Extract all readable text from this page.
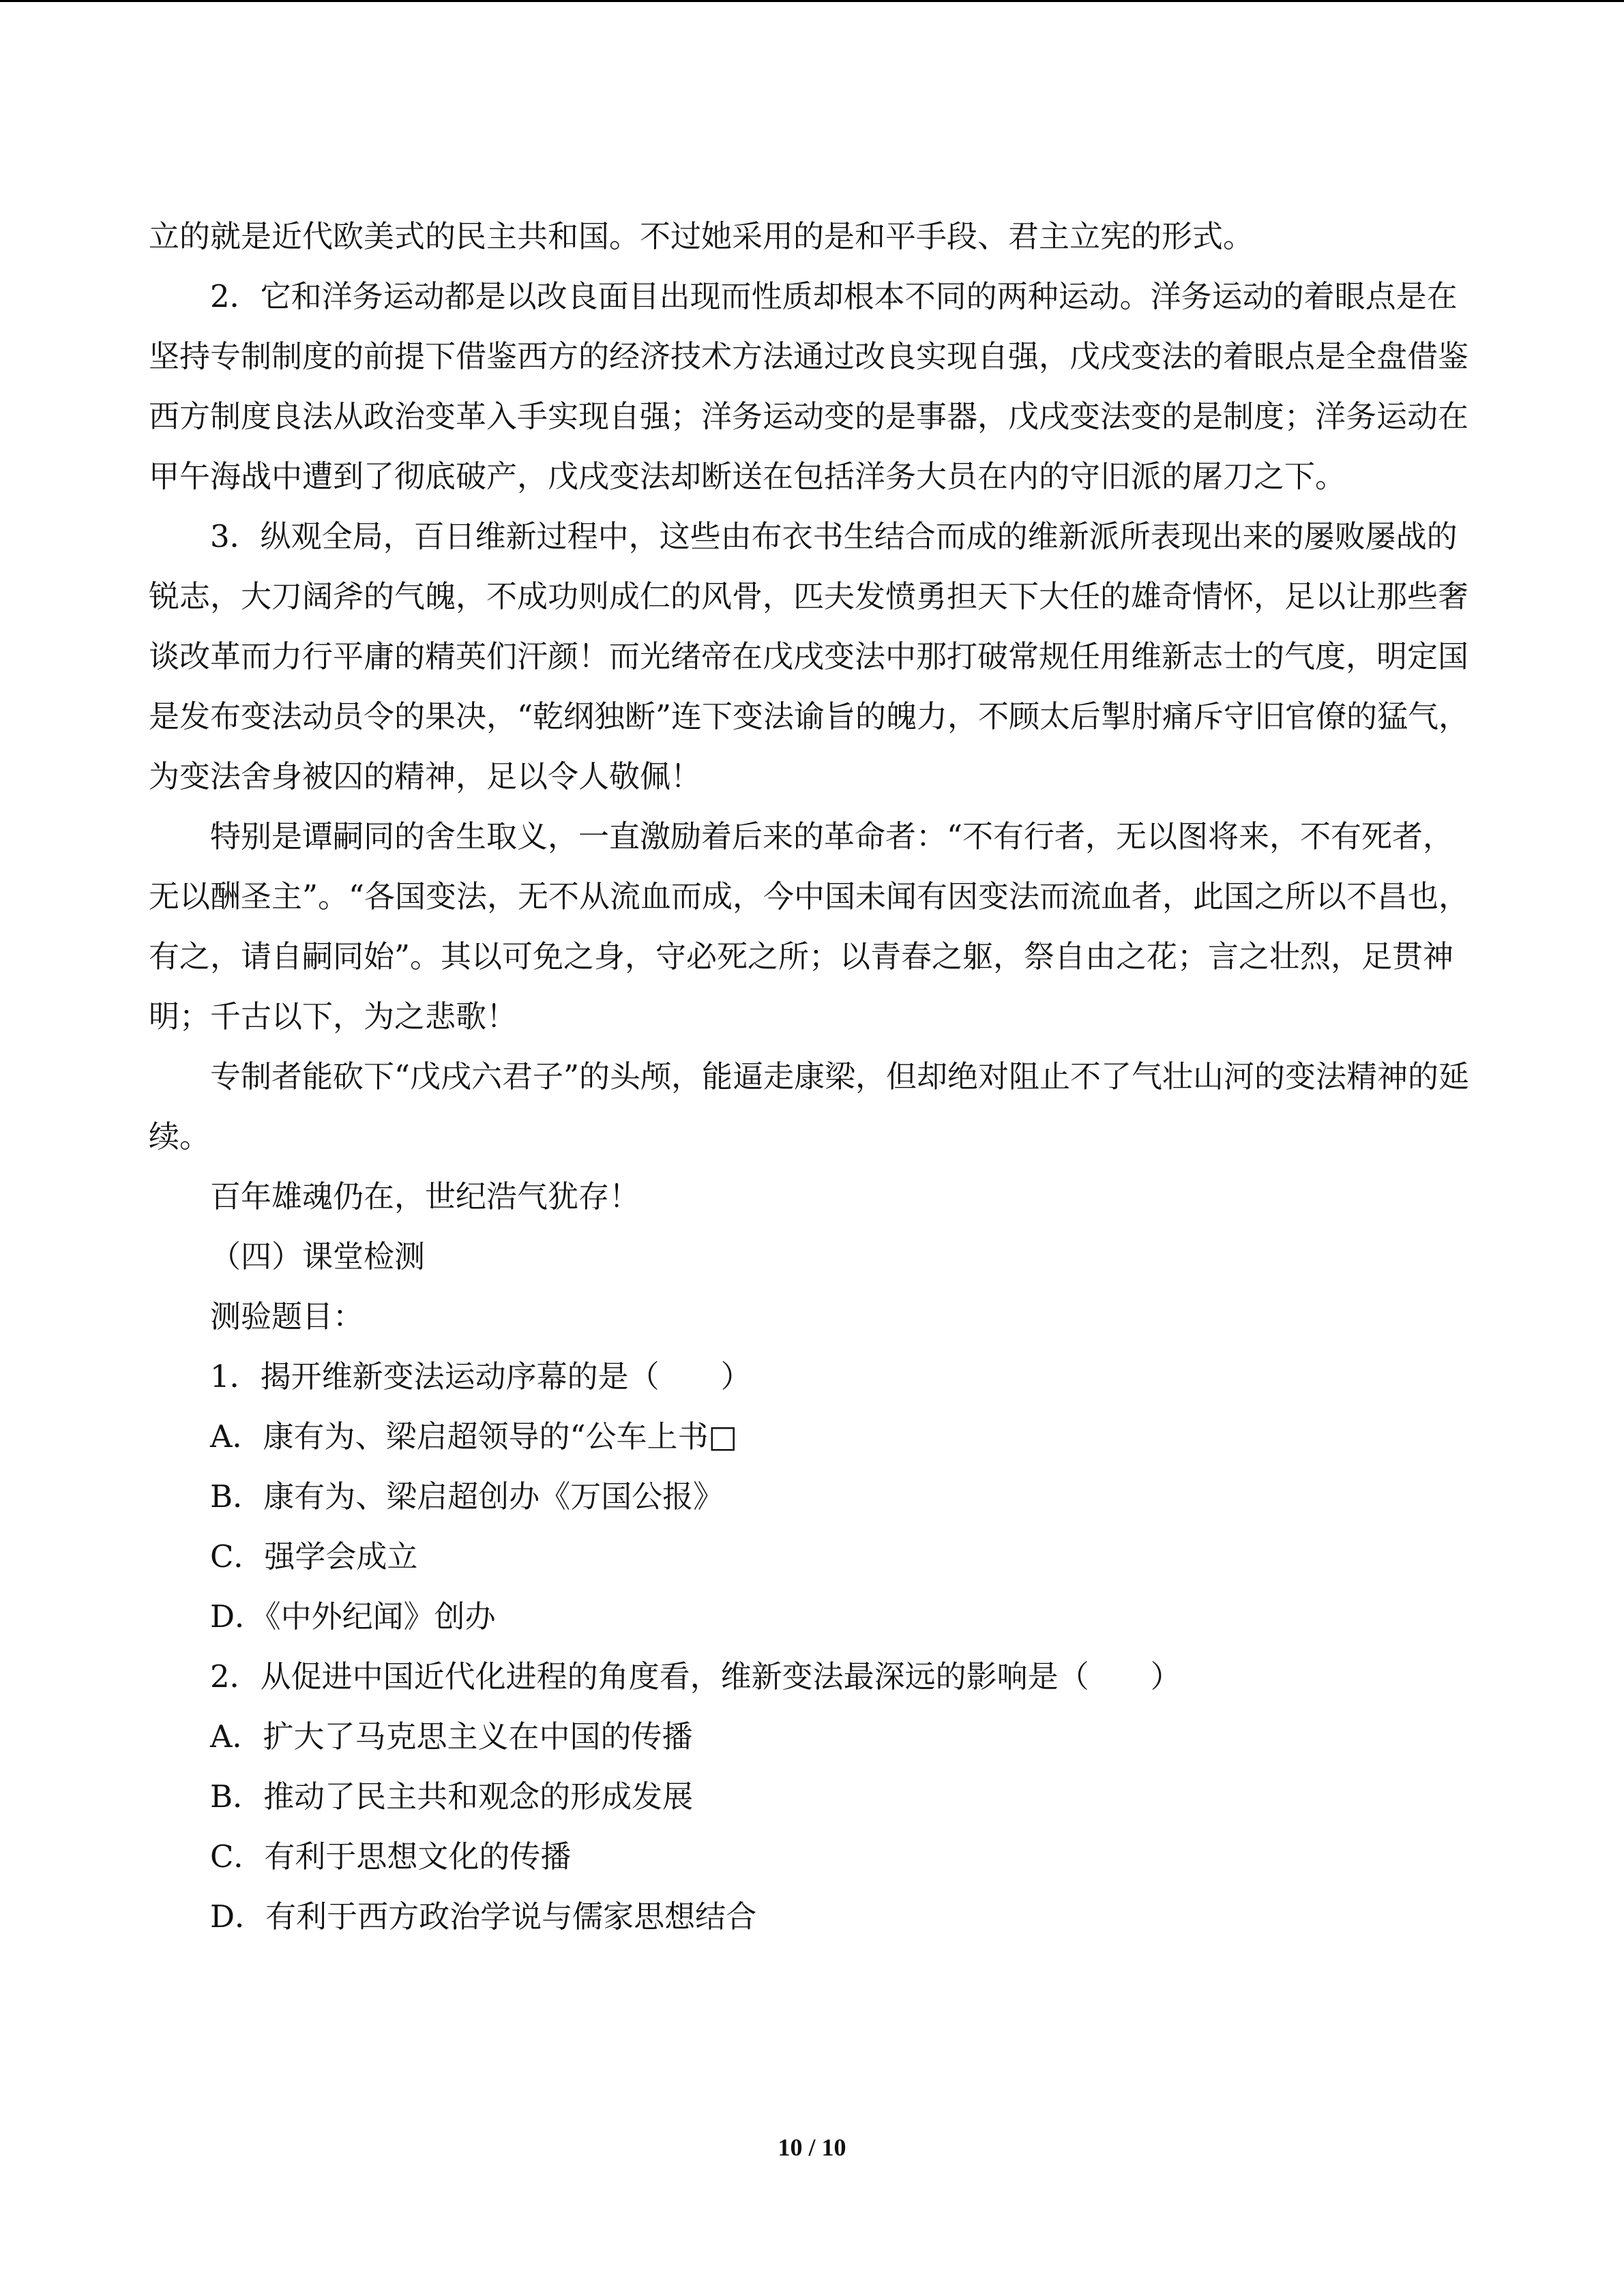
立的就是近代欧美式的民主共和国。不过她采用的是和平手段、君主立宪的形式。

2．它和洋务运动都是以改良面目出现而性质却根本不同的两种运动。洋务运动的着眼点是在坚持专制制度的前提下借鉴西方的经济技术方法通过改良实现自强，戊戌变法的着眼点是全盘借鉴西方制度良法从政治变革入手实现自强；洋务运动变的是事器，戊戌变法变的是制度；洋务运动在甲午海战中遭到了彻底破产，戊戌变法却断送在包括洋务大员在内的守旧派的屠刀之下。

3．纵观全局，百日维新过程中，这些由布衣书生结合而成的维新派所表现出来的屡败屡战的锐志，大刀阔斧的气魄，不成功则成仁的风骨，匹夫发愤勇担天下大任的雄奇情怀，足以让那些奢谈改革而力行平庸的精英们汗颜！而光绪帝在戊戌变法中那打破常规任用维新志士的气度，明定国是发布变法动员令的果决，“乾纲独断”连下变法谕旨的魄力，不顾太后掣肘痛斥守旧官僚的猛气，为变法舍身被囚的精神，足以令人敬佩！

特别是谭嗣同的舍生取义，一直激励着后来的革命者：“不有行者，无以图将来，不有死者，无以酬圣主”。“各国变法，无不从流血而成，今中国未闻有因变法而流血者，此国之所以不昌也，有之，请自嗣同始”。其以可免之身，守必死之所；以青春之躯，祭自由之花；言之壮烈，足贯神明；千古以下，为之悲歌！

专制者能砍下“戊戌六君子”的头颅，能逼走康梁，但却绝对阻止不了气壮山河的变法精神的延续。

百年雄魂仍在，世纪浩气犹存！

（四）课堂检测

测验题目：

1．揭开维新变法运动序幕的是（　　）

A．康有为、梁启超领导的“公车上书□

B．康有为、梁启超创办《万国公报》

C．强学会成立

D．《中外纪闻》创办

2．从促进中国近代化进程的角度看，维新变法最深远的影响是（　　）

A．扩大了马克思主义在中国的传播

B．推动了民主共和观念的形成发展

C．有利于思想文化的传播

D．有利于西方政治学说与儒家思想结合

10 / 10
